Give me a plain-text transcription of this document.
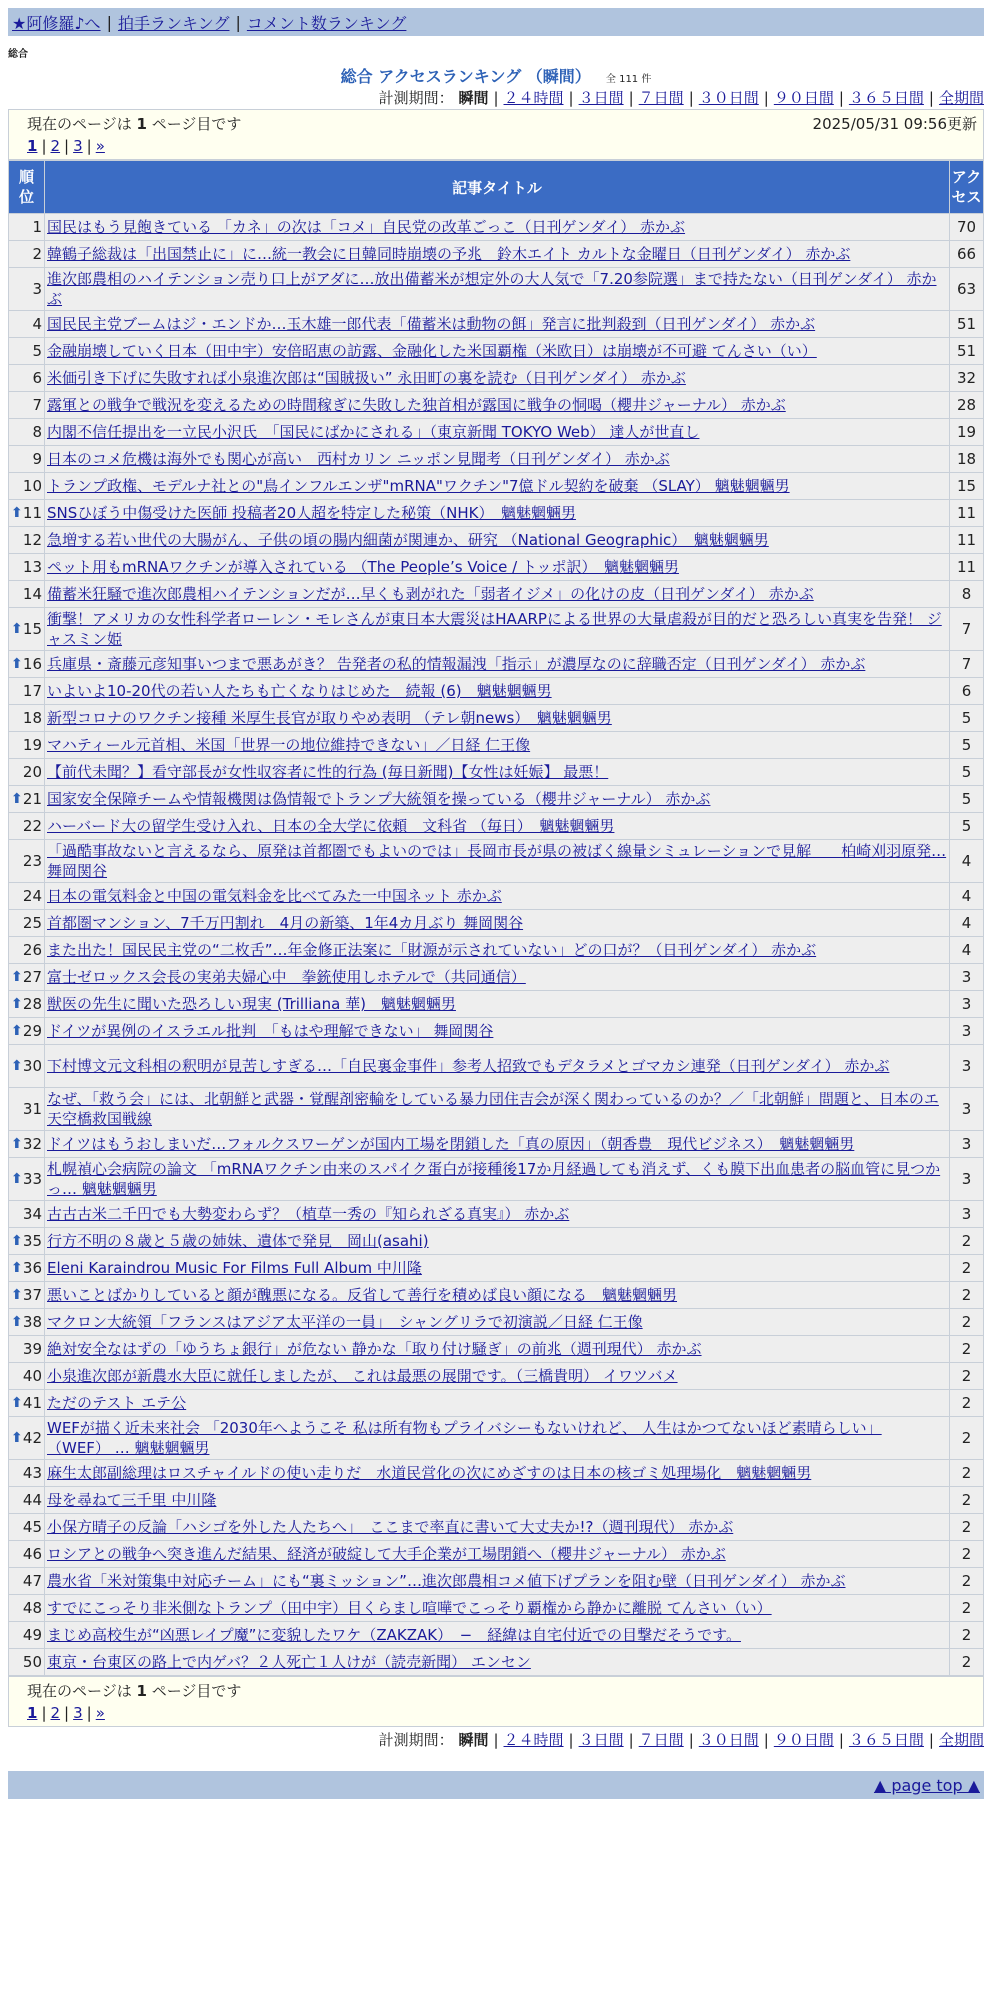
★阿修羅♪へ | 拍手ランキング | コメント数ランキング
総合
総合 アクセスランキング （瞬間） 全 111 件
計測期間： 瞬間 | ２４時間 | ３日間 | ７日間 | ３０日間 | ９０日間 | ３６５日間 | 全期間
現在のページは 1 ページ目です	2025/05/31 09:56更新
1 | 2 | 3 | »
順位	記事タイトル	アクセス
1	国民はもう見飽きている 「カネ」の次は「コメ」自民党の改革ごっこ（日刊ゲンダイ） 赤かぶ	70
2	韓鶴子総裁は「出国禁止に」に…統一教会に日韓同時崩壊の予兆　鈴木エイト カルトな金曜日（日刊ゲンダイ） 赤かぶ	66
3	進次郎農相のハイテンション売り口上がアダに…放出備蓄米が想定外の大人気で「7.20参院選」まで持たない（日刊ゲンダイ） 赤かぶ	63
4	国民民主党ブームはジ・エンドか…玉木雄一郎代表「備蓄米は動物の餌」発言に批判殺到（日刊ゲンダイ） 赤かぶ	51
5	金融崩壊していく日本（田中宇）安倍昭恵の訪露、金融化した米国覇権（米欧日）は崩壊が不可避 てんさい（い）	51
6	米価引き下げに失敗すれば小泉進次郎は“国賊扱い” 永田町の裏を読む（日刊ゲンダイ） 赤かぶ	32
7	露軍との戦争で戦況を変えるための時間稼ぎに失敗した独首相が露国に戦争の恫喝（櫻井ジャーナル） 赤かぶ	28
8	内閣不信任提出を一立民小沢氏　「国民にばかにされる」（東京新聞 TOKYO Web） 達人が世直し	19
9	日本のコメ危機は海外でも関心が高い　西村カリン ニッポン見聞考（日刊ゲンダイ） 赤かぶ	18
10	トランプ政権、モデルナ社との"鳥インフルエンザ"mRNA"ワクチン"7億ドル契約を破棄 （SLAY） 魑魅魍魎男	15

⬆ 11	SNSひぼう中傷受けた医師 投稿者20人超を特定した秘策（NHK）　魑魅魍魎男	11
12	急増する若い世代の大腸がん、子供の頃の腸内細菌が関連か、研究 （National Geographic）　魑魅魍魎男	11
13	ペット用もmRNAワクチンが導入されている （The People’s Voice / トッポ訳）　魑魅魍魎男	11
14	備蓄米狂騒で進次郎農相ハイテンションだが…早くも剥がれた「弱者イジメ」の化けの皮（日刊ゲンダイ） 赤かぶ	8

⬆ 15	衝撃！アメリカの女性科学者ローレン・モレさんが東日本大震災はHAARPによる世界の大量虐殺が目的だと恐ろしい真実を告発！ ジャスミン姫	7

⬆ 16	兵庫県・斎藤元彦知事いつまで悪あがき？ 告発者の私的情報漏洩「指示」が濃厚なのに辞職否定（日刊ゲンダイ） 赤かぶ	7
17	いよいよ10-20代の若い人たちも亡くなりはじめた　続報 (6)　魑魅魍魎男	6
18	新型コロナのワクチン接種 米厚生長官が取りやめ表明 （テレ朝news）　魑魅魍魎男	5
19	マハティール元首相、米国「世界一の地位維持できない」／日経 仁王像	5
20	【前代未聞？】看守部長が女性収容者に性的行為 (毎日新聞)【女性は妊娠】 最悪！	5

⬆ 21	国家安全保障チームや情報機関は偽情報でトランプ大統領を操っている（櫻井ジャーナル） 赤かぶ	5
22	ハーバード大の留学生受け入れ、日本の全大学に依頼　文科省 （毎日）　魑魅魍魎男	5
23	「過酷事故ないと言えるなら、原発は首都圏でもよいのでは」長岡市長が県の被ばく線量シミュレーションで見解　　柏崎刈羽原発… 舞岡関谷	4
24	日本の電気料金と中国の電気料金を比べてみた一中国ネット 赤かぶ	4
25	首都圏マンション、7千万円割れ　4月の新築、1年4カ月ぶり 舞岡関谷	4
26	また出た！国民民主党の“二枚舌”…年金修正法案に「財源が示されていない」どの口が？（日刊ゲンダイ） 赤かぶ	4

⬆ 27	富士ゼロックス会長の実弟夫婦心中　拳銃使用しホテルで（共同通信）	3

⬆ 28	獣医の先生に聞いた恐ろしい現実 (Trilliana 華)　魑魅魍魎男	3

⬆ 29	ドイツが異例のイスラエル批判　「もはや理解できない」 舞岡関谷	3

⬆ 30	下村博文元文科相の釈明が見苦しすぎる…「自民裏金事件」参考人招致でもデタラメとゴマカシ連発（日刊ゲンダイ） 赤かぶ	3
31	なぜ、「救う会」には、北朝鮮と武器・覚醒剤密輸をしている暴力団住吉会が深く関わっているのか？／「北朝鮮」問題と、日本のエ 天空橋救国戦線	3

⬆ 32	ドイツはもうおしまいだ…フォルクスワーゲンが国内工場を閉鎖した「真の原因」（朝香豊　現代ビジネス）　魑魅魍魎男	3

⬆ 33	札幌禎心会病院の論文 「mRNAワクチン由来のスパイク蛋白が接種後17か月経過しても消えず、くも膜下出血患者の脳血管に見つかっ… 魑魅魍魎男	3
34	古古古米二千円でも大勢変わらず？（植草一秀の『知られざる真実』） 赤かぶ	3

⬆ 35	行方不明の８歳と５歳の姉妹、遺体で発見　岡山(asahi)	2

⬆ 36	Eleni Karaindrou Music For Films Full Album 中川隆	2

⬆ 37	悪いことばかりしていると顔が醜悪になる。反省して善行を積めば良い顔になる　魑魅魍魎男	2

⬆ 38	マクロン大統領「フランスはアジア太平洋の一員」　シャングリラで初演説／日経 仁王像	2
39	絶対安全なはずの「ゆうちょ銀行」が危ない 静かな「取り付け騒ぎ」の前兆（週刊現代） 赤かぶ	2
40	小泉進次郎が新農水大臣に就任しましたが、 これは最悪の展開です。（三橋貴明） イワツバメ	2

⬆ 41	ただのテスト エテ公	2

⬆ 42	WEFが描く近未来社会 「2030年へようこそ 私は所有物もプライバシーもないけれど、 人生はかつてないほど素晴らしい」 （WEF） … 魑魅魍魎男	2
43	麻生太郎副総理はロスチャイルドの使い走りだ　水道民営化の次にめざすのは日本の核ゴミ処理場化　魑魅魍魎男	2
44	母を尋ねて三千里 中川隆	2
45	小保方晴子の反論「ハシゴを外した人たちへ」　ここまで率直に書いて大丈夫か!?（週刊現代） 赤かぶ	2
46	ロシアとの戦争へ突き進んだ結果、経済が破綻して大手企業が工場閉鎖へ（櫻井ジャーナル） 赤かぶ	2
47	農水省「米対策集中対応チーム」にも“裏ミッション”…進次郎農相コメ値下げプランを阻む壁（日刊ゲンダイ） 赤かぶ	2
48	すでにこっそり非米側なトランプ（田中宇）目くらまし喧嘩でこっそり覇権から静かに離脱 てんさい（い）	2
49	まじめ高校生が“凶悪レイプ魔”に変貌したワケ（ZAKZAK）　−　経緯は自宅付近での目撃だそうです。	2
50	東京・台東区の路上で内ゲバ？２人死亡１人けが（読売新聞） エンセン	2
現在のページは 1 ページ目です
1 | 2 | 3 | »
計測期間： 瞬間 | ２４時間 | ３日間 | ７日間 | ３０日間 | ９０日間 | ３６５日間 | 全期間
▲ page top ▲
